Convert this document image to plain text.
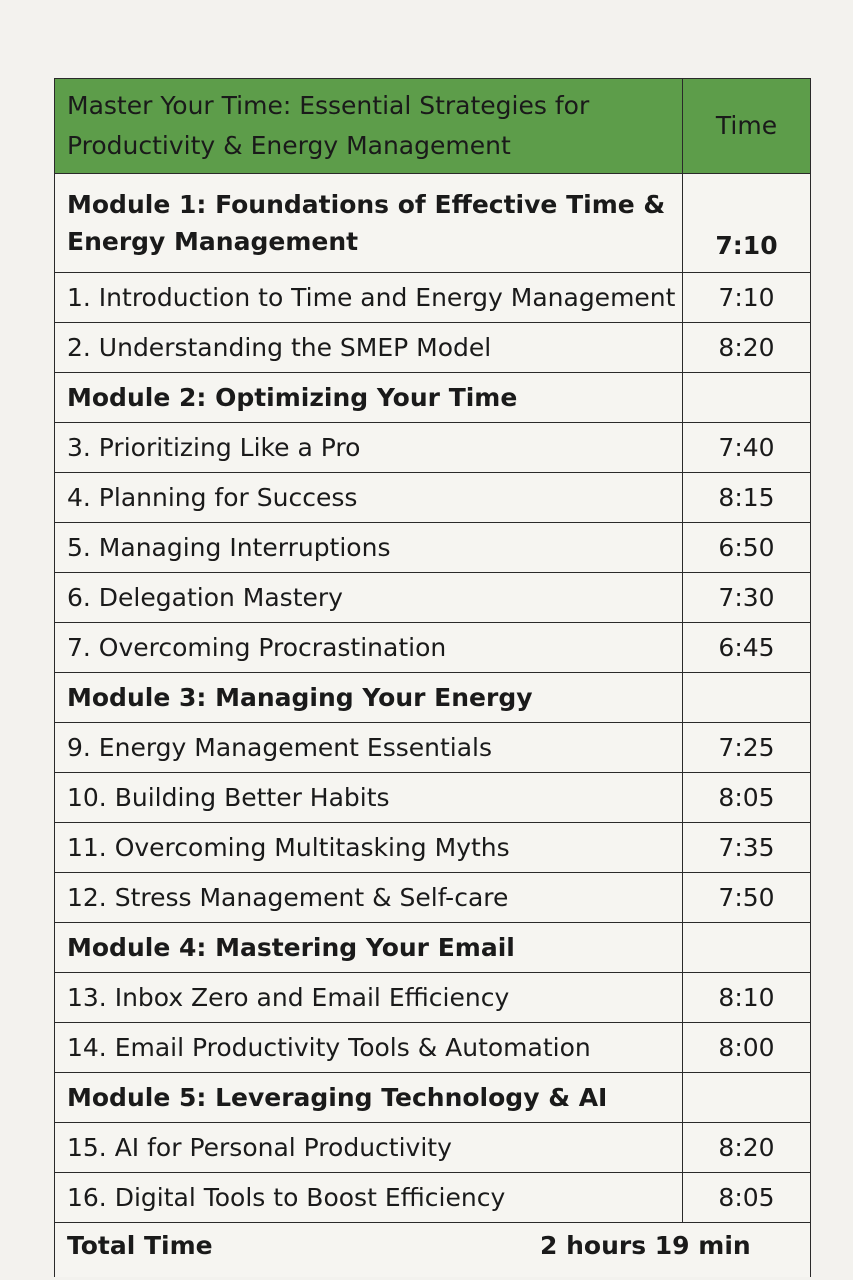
Master Your Time: Essential Strategies for Productivity & Energy Management	Time
Module 1: Foundations of Effective Time & Energy Management	7:10
1. Introduction to Time and Energy Management	7:10
2. Understanding the SMEP Model	8:20
Module 2: Optimizing Your Time	
3. Prioritizing Like a Pro	7:40
4. Planning for Success	8:15
5. Managing Interruptions	6:50
6. Delegation Mastery	7:30
7. Overcoming Procrastination	6:45
Module 3: Managing Your Energy	
9. Energy Management Essentials	7:25
10. Building Better Habits	8:05
11. Overcoming Multitasking Myths	7:35
12. Stress Management & Self-care	7:50
Module 4: Mastering Your Email	
13. Inbox Zero and Email Efficiency	8:10
14. Email Productivity Tools & Automation	8:00
Module 5: Leveraging Technology & AI	
15. AI for Personal Productivity	8:20
16. Digital Tools to Boost Efficiency	8:05
Total Time 2 hours 19 min	
